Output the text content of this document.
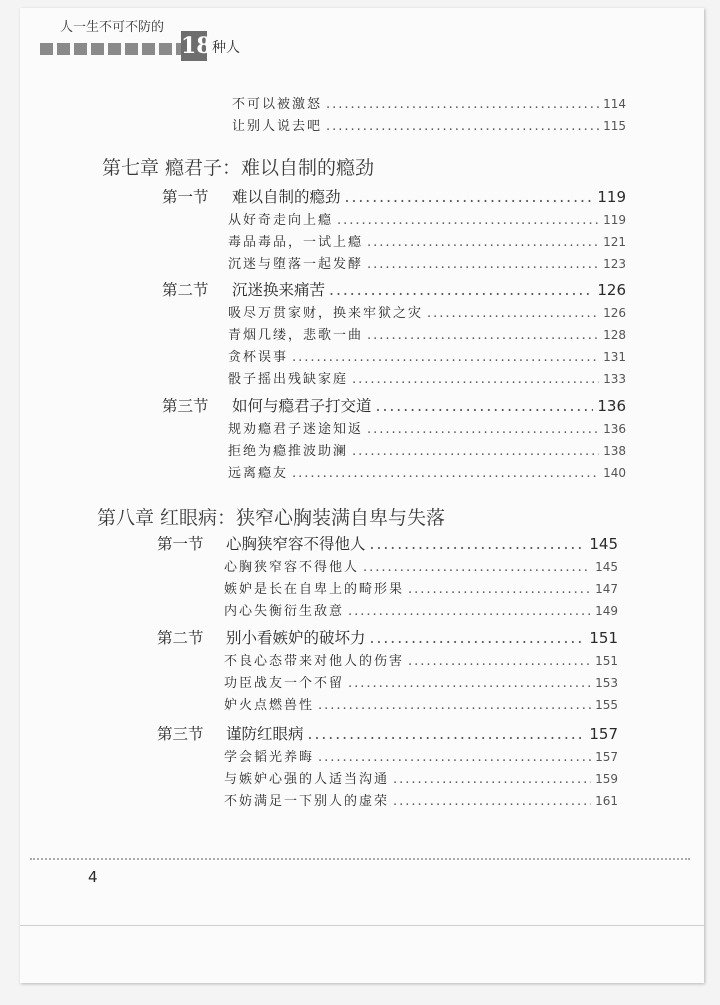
人一生不可不防的
18 种人
不可以被激怒 .....	114
让别人说去吧 .....	115
第七章 瘾君子：难以自制的瘾劲
第一节 难以自制的瘾劲 .....	119
从好奇走向上瘾 .....	119
毒品毒品，一试上瘾 .....	121
沉迷与堕落一起发酵 .....	123
第二节 沉迷换来痛苦 .....	126
吸尽万贯家财，换来牢狱之灾 .....	126
青烟几缕，悲歌一曲 .....	128
贪杯误事 .....	131
骰子摇出残缺家庭 .....	133
第三节 如何与瘾君子打交道 .....	136
规劝瘾君子迷途知返 .....	136
拒绝为瘾推波助澜 .....	138
远离瘾友 .....	140
第八章 红眼病：狭窄心胸装满自卑与失落
第一节 心胸狭窄容不得他人 .....	145
心胸狭窄容不得他人 .....	145
嫉妒是长在自卑上的畸形果 .....	147
内心失衡衍生敌意 .....	149
第二节 别小看嫉妒的破坏力 .....	151
不良心态带来对他人的伤害 .....	151
功臣战友一个不留 .....	153
妒火点燃兽性 .....	155
第三节 谨防红眼病 .....	157
学会韬光养晦 .....	157
与嫉妒心强的人适当沟通 .....	159
不妨满足一下别人的虚荣 .....	161
4
